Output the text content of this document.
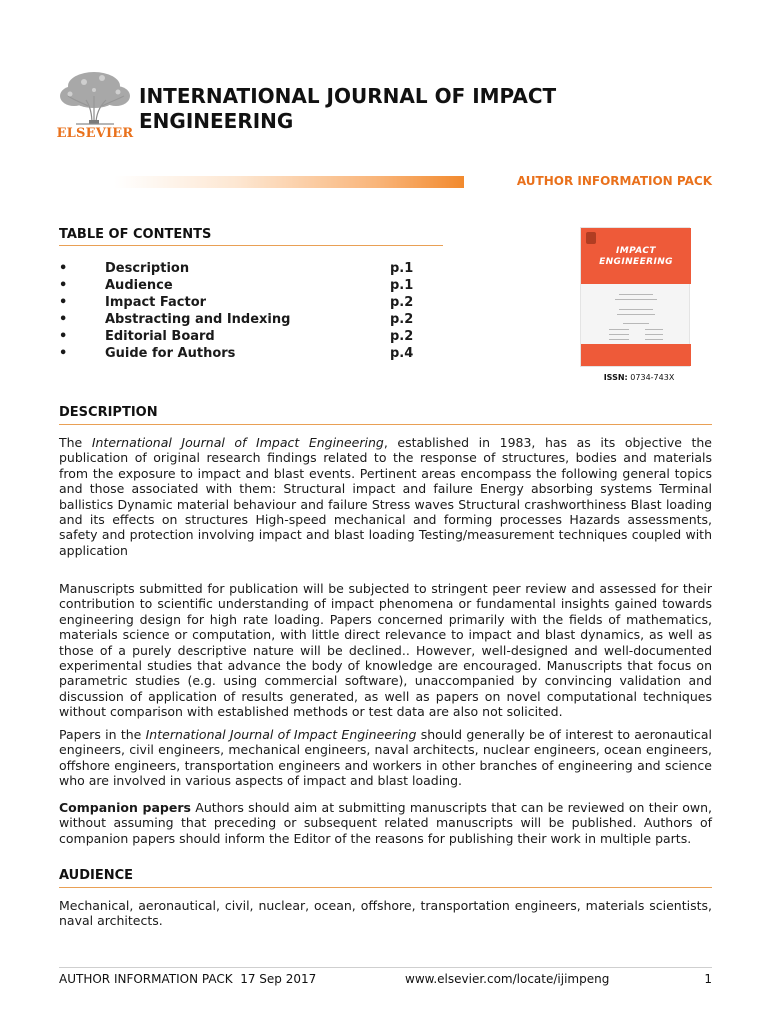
ELSEVIER
INTERNATIONAL JOURNAL OF IMPACT
ENGINEERING
AUTHOR INFORMATION PACK
TABLE OF CONTENTS
•	Description	p.1
•	Audience	p.1
•	Impact Factor	p.2
•	Abstracting and Indexing	p.2
•	Editorial Board	p.2
•	Guide for Authors	p.4
IMPACT
ENGINEERING
ISSN: 0734-743X
DESCRIPTION
The International Journal of Impact Engineering, established in 1983, has as its objective the publication of original research findings related to the response of structures, bodies and materials from the exposure to impact and blast events. Pertinent areas encompass the following general topics and those associated with them: Structural impact and failure Energy absorbing systems Terminal ballistics Dynamic material behaviour and failure Stress waves Structural crashworthiness Blast loading and its effects on structures High-speed mechanical and forming processes Hazards assessments, safety and protection involving impact and blast loading Testing/measurement techniques coupled with application
Manuscripts submitted for publication will be subjected to stringent peer review and assessed for their contribution to scientific understanding of impact phenomena or fundamental insights gained towards engineering design for high rate loading. Papers concerned primarily with the fields of mathematics, materials science or computation, with little direct relevance to impact and blast dynamics, as well as those of a purely descriptive nature will be declined.. However, well-designed and well-documented experimental studies that advance the body of knowledge are encouraged. Manuscripts that focus on parametric studies (e.g. using commercial software), unaccompanied by convincing validation and discussion of application of results generated, as well as papers on novel computational techniques without comparison with established methods or test data are also not solicited.
Papers in the International Journal of Impact Engineering should generally be of interest to aeronautical engineers, civil engineers, mechanical engineers, naval architects, nuclear engineers, ocean engineers, offshore engineers, transportation engineers and workers in other branches of engineering and science who are involved in various aspects of impact and blast loading.
Companion papers Authors should aim at submitting manuscripts that can be reviewed on their own, without assuming that preceding or subsequent related manuscripts will be published. Authors of companion papers should inform the Editor of the reasons for publishing their work in multiple parts.
AUDIENCE
Mechanical, aeronautical, civil, nuclear, ocean, offshore, transportation engineers, materials scientists, naval architects.
AUTHOR INFORMATION PACK  17 Sep 2017	www.elsevier.com/locate/ijimpeng	1
